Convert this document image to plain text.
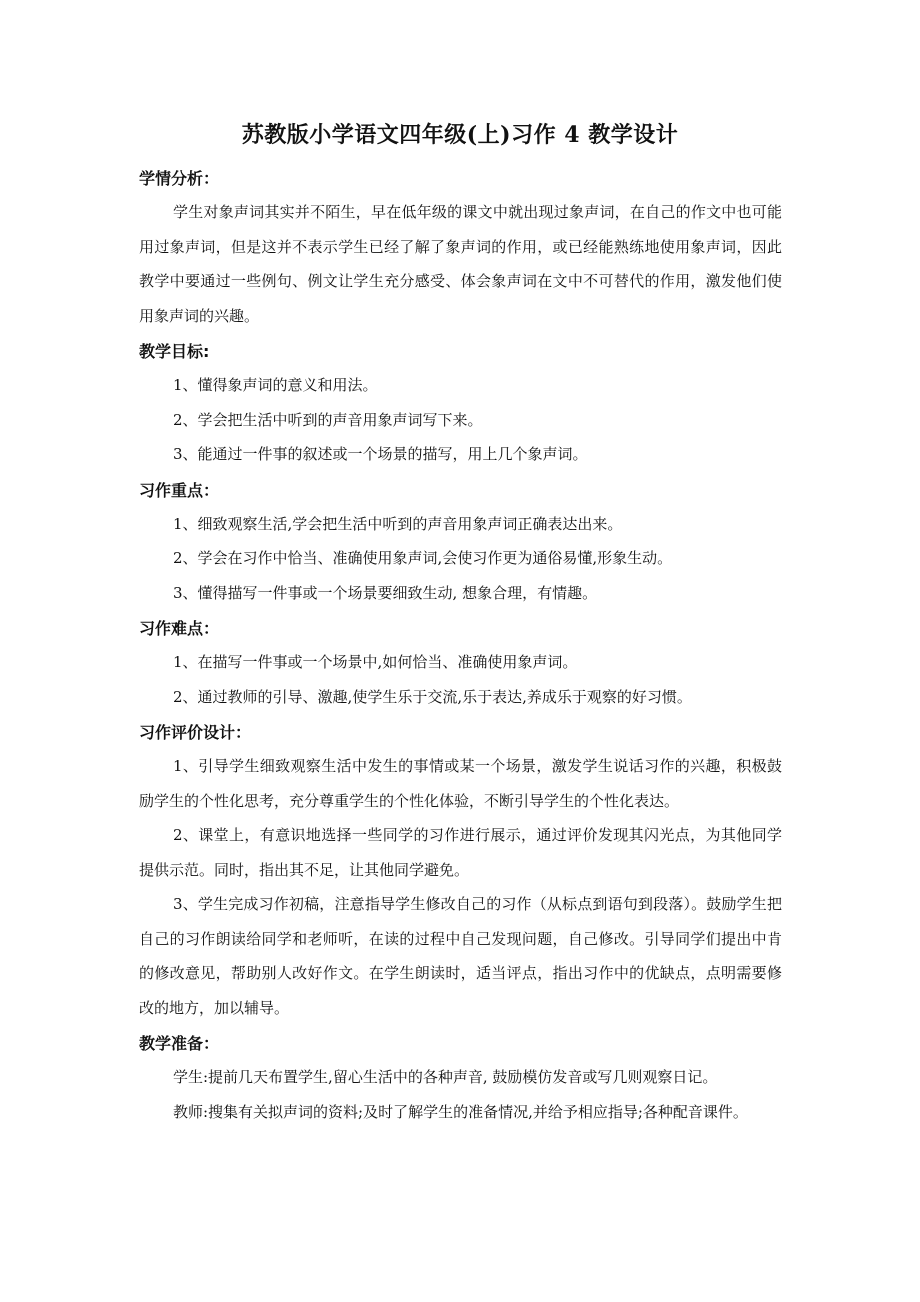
苏教版小学语文四年级(上)习作 4 教学设计
学情分析：

学生对象声词其实并不陌生，早在低年级的课文中就出现过象声词，在自己的作文中也可能用过象声词，但是这并不表示学生已经了解了象声词的作用，或已经能熟练地使用象声词，因此教学中要通过一些例句、例文让学生充分感受、体会象声词在文中不可替代的作用，激发他们使用象声词的兴趣。

教学目标:

1、懂得象声词的意义和用法。

2、学会把生活中听到的声音用象声词写下来。

3、能通过一件事的叙述或一个场景的描写，用上几个象声词。

习作重点：

1、细致观察生活,学会把生活中听到的声音用象声词正确表达出来。

2、学会在习作中恰当、准确使用象声词,会使习作更为通俗易懂,形象生动。

3、懂得描写一件事或一个场景要细致生动, 想象合理，有情趣。

习作难点：

1、在描写一件事或一个场景中,如何恰当、准确使用象声词。

2、通过教师的引导、激趣,使学生乐于交流,乐于表达,养成乐于观察的好习惯。

习作评价设计：

1、引导学生细致观察生活中发生的事情或某一个场景，激发学生说话习作的兴趣，积极鼓励学生的个性化思考，充分尊重学生的个性化体验，不断引导学生的个性化表达。

2、课堂上，有意识地选择一些同学的习作进行展示，通过评价发现其闪光点，为其他同学提供示范。同时，指出其不足，让其他同学避免。

3、学生完成习作初稿，注意指导学生修改自己的习作（从标点到语句到段落）。鼓励学生把自己的习作朗读给同学和老师听，在读的过程中自己发现问题，自己修改。引导同学们提出中肯的修改意见，帮助别人改好作文。在学生朗读时，适当评点，指出习作中的优缺点，点明需要修改的地方，加以辅导。

教学准备：

学生:提前几天布置学生,留心生活中的各种声音, 鼓励模仿发音或写几则观察日记。

教师:搜集有关拟声词的资料;及时了解学生的准备情况,并给予相应指导;各种配音课件。
